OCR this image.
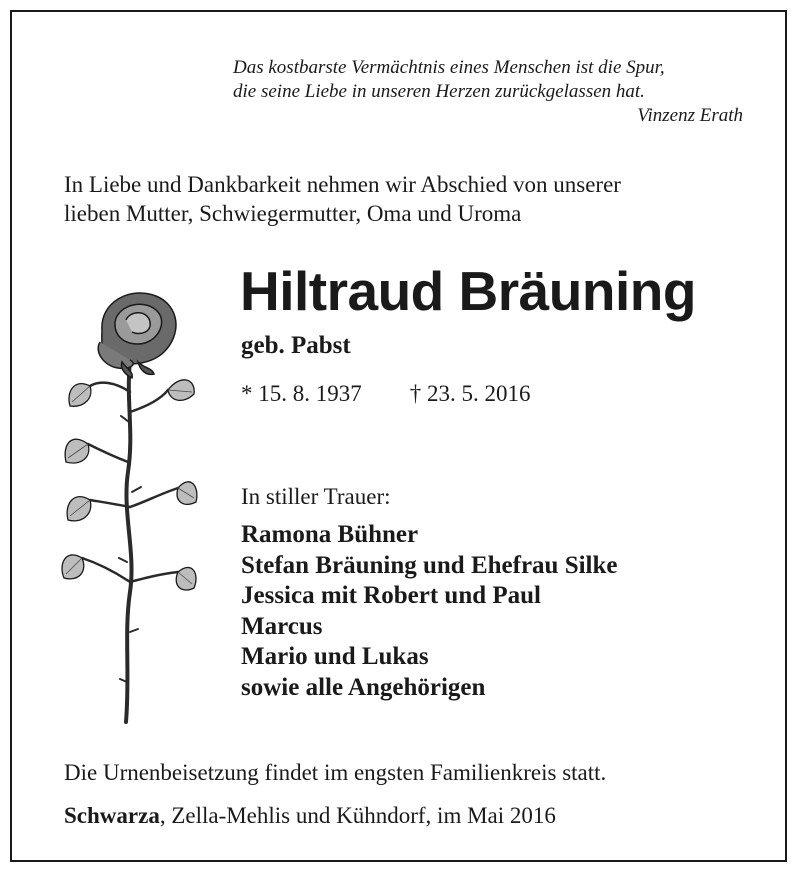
Das kostbarste Vermächtnis eines Menschen ist die Spur,
die seine Liebe in unseren Herzen zurückgelassen hat.
Vinzenz Erath
In Liebe und Dankbarkeit nehmen wir Abschied von unserer
lieben Mutter, Schwiegermutter, Oma und Uroma
Hiltraud Bräuning
geb. Pabst
* 15. 8. 1937 † 23. 5. 2016
In stiller Trauer:
Ramona Bühner
Stefan Bräuning und Ehefrau Silke
Jessica mit Robert und Paul
Marcus
Mario und Lukas
sowie alle Angehörigen
Die Urnenbeisetzung findet im engsten Familienkreis statt.
Schwarza, Zella-Mehlis und Kühndorf, im Mai 2016
